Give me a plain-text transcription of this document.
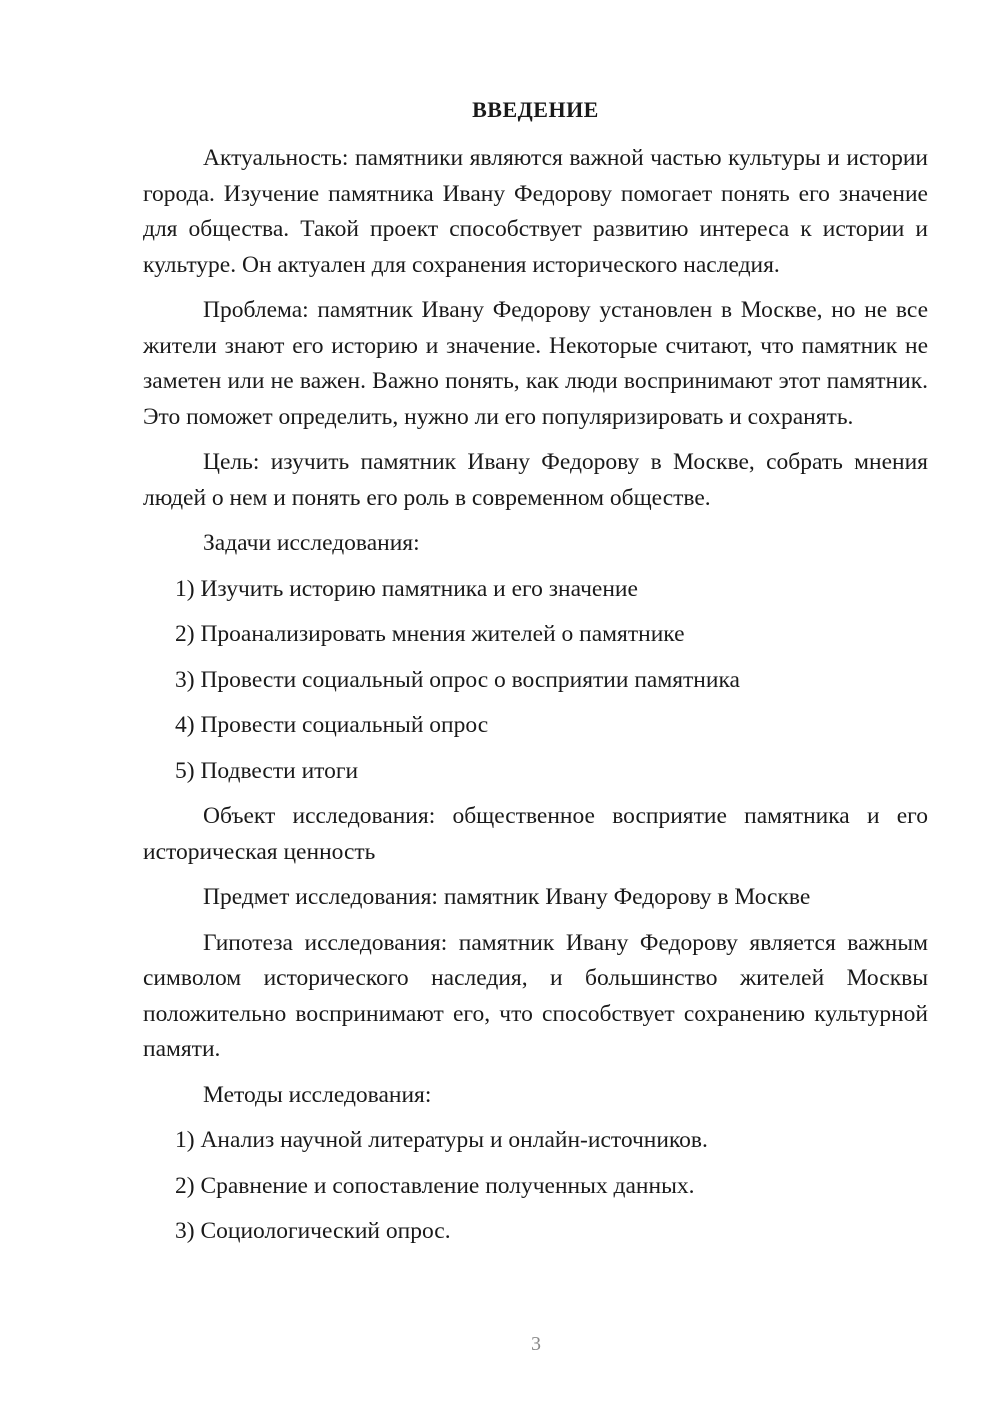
ВВЕДЕНИЕ

Актуальность: памятники являются важной частью культуры и истории города. Изучение памятника Ивану Федорову помогает понять его значение для общества. Такой проект способствует развитию интереса к истории и культуре. Он актуален для сохранения исторического наследия.

Проблема: памятник Ивану Федорову установлен в Москве, но не все жители знают его историю и значение. Некоторые считают, что памятник не заметен или не важен. Важно понять, как люди воспринимают этот памятник. Это поможет определить, нужно ли его популяризировать и сохранять.

Цель: изучить памятник Ивану Федорову в Москве, собрать мнения людей о нем и понять его роль в современном обществе.

Задачи исследования:

1) Изучить историю памятника и его значение
2) Проанализировать мнения жителей о памятнике
3) Провести социальный опрос о восприятии памятника
4) Провести социальный опрос
5) Подвести итоги

Объект исследования: общественное восприятие памятника и его историческая ценность

Предмет исследования: памятник Ивану Федорову в Москве

Гипотеза исследования: памятник Ивану Федорову является важным символом исторического наследия, и большинство жителей Москвы положительно воспринимают его, что способствует сохранению культурной памяти.

Методы исследования:

1) Анализ научной литературы и онлайн-источников.
2) Сравнение и сопоставление полученных данных.
3) Социологический опрос.
3
